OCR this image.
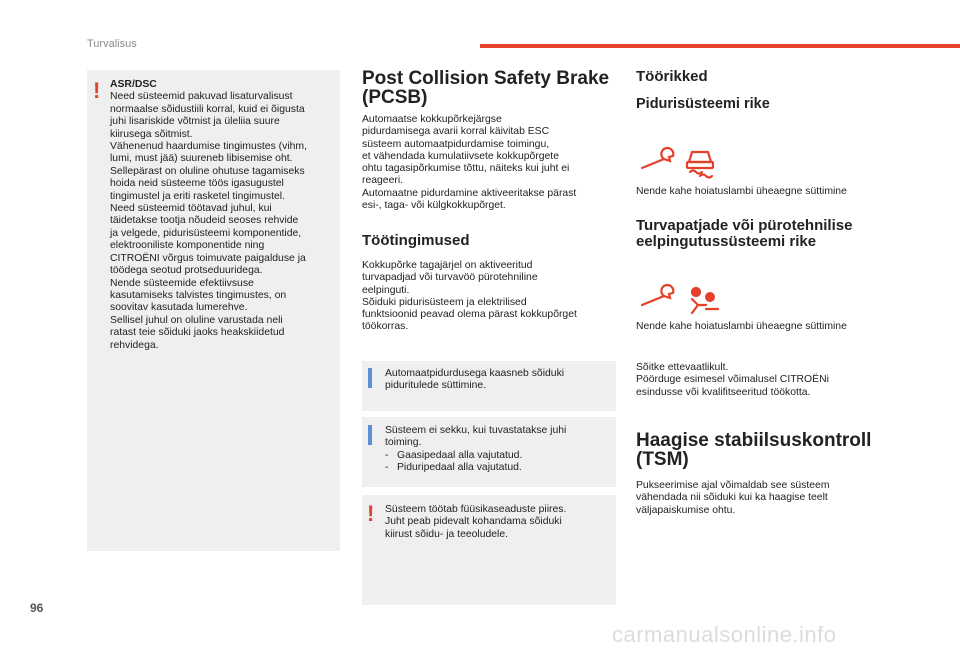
Turvalisus
96
carmanualsonline.info
! ASR/DSC

Need süsteemid pakuvad lisaturvalisust

normaalse sõidustiili korral, kuid ei õigusta

juhi lisariskide võtmist ja üleliia suure

kiirusega sõitmist.

Vähenenud haardumise tingimustes (vihm,

lumi, must jää) suureneb libisemise oht.

Sellepärast on oluline ohutuse tagamiseks

hoida neid süsteeme töös igasugustel

tingimustel ja eriti rasketel tingimustel.

Need süsteemid töötavad juhul, kui

täidetakse tootja nõudeid seoses rehvide

ja velgede, pidurisüsteemi komponentide,

elektrooniliste komponentide ning

CITROËNI võrgus toimuvate paigalduse ja

töödega seotud protseduuridega.

Nende süsteemide efektiivsuse

kasutamiseks talvistes tingimustes, on

soovitav kasutada lumerehve.

Sellisel juhul on oluline varustada neli

ratast teie sõiduki jaoks heakskiidetud

rehvidega.

Post Collision Safety Brake
(PCSB)

Automaatse kokkupõrkejärgse

pidurdamisega avarii korral käivitab ESC

süsteem automaatpidurdamise toimingu,

et vähendada kumulatiivsete kokkupõrgete

ohtu tagasipõrkumise tõttu, näiteks kui juht ei

reageeri.

Automaatne pidurdamine aktiveeritakse pärast

esi-, taga- või külgkokkupõrget.

Töötingimused

Kokkupõrke tagajärjel on aktiveeritud

turvapadjad või turvavöö pürotehniline

eelpinguti.

Sõiduki pidurisüsteem ja elektrilised

funktsioonid peavad olema pärast kokkupõrget

töökorras.

Automaatpidurdusega kaasneb sõiduki

piduritulede süttimine.

Süsteem ei sekku, kui tuvastatakse juhi

toiming.

- Gaasipedaal alla vajutatud.
- Piduripedaal alla vajutatud.
! Süsteem töötab füüsikaseaduste piires.

Juht peab pidevalt kohandama sõiduki

kiirust sõidu- ja teeoludele.

Töörikked
Pidurisüsteemi rike
Nende kahe hoiatuslambi üheaegne süttimine
Turvapatjade või pürotehnilise
eelpingutussüsteemi rike
Nende kahe hoiatuslambi üheaegne süttimine

Sõitke ettevaatlikult.

Pöörduge esimesel võimalusel CITROËNi

esindusse või kvalifitseeritud töökotta.

Haagise stabiilsuskontroll
(TSM)

Pukseerimise ajal võimaldab see süsteem

vähendada nii sõiduki kui ka haagise teelt

väljapaiskumise ohtu.
